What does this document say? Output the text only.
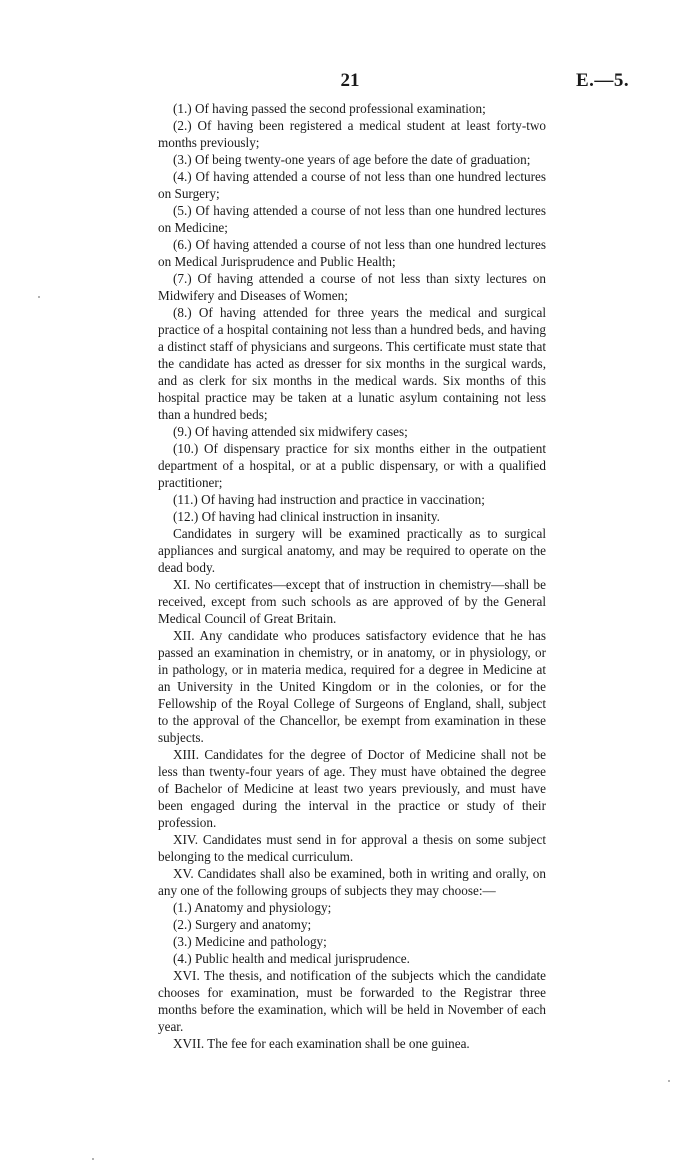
21	E.—5.

(1.) Of having passed the second professional examination;

(2.) Of having been registered a medical student at least forty-two months previously;

(3.) Of being twenty-one years of age before the date of graduation;

(4.) Of having attended a course of not less than one hundred lectures on Surgery;

(5.) Of having attended a course of not less than one hundred lectures on Medicine;

(6.) Of having attended a course of not less than one hundred lectures on Medical Jurisprudence and Public Health;

(7.) Of having attended a course of not less than sixty lectures on Midwifery and Diseases of Women;

(8.) Of having attended for three years the medical and surgical practice of a hospital containing not less than a hundred beds, and having a distinct staff of physicians and surgeons. This certificate must state that the candidate has acted as dresser for six months in the surgical wards, and as clerk for six months in the medical wards. Six months of this hospital practice may be taken at a lunatic asylum containing not less than a hundred beds;

(9.) Of having attended six midwifery cases;

(10.) Of dispensary practice for six months either in the outpatient department of a hospital, or at a public dispensary, or with a qualified practitioner;

(11.) Of having had instruction and practice in vaccination;

(12.) Of having had clinical instruction in insanity.

Candidates in surgery will be examined practically as to surgical appliances and surgical anatomy, and may be required to operate on the dead body.

XI. No certificates—except that of instruction in chemistry—shall be received, except from such schools as are approved of by the General Medical Council of Great Britain.

XII. Any candidate who produces satisfactory evidence that he has passed an examination in chemistry, or in anatomy, or in physiology, or in pathology, or in materia medica, required for a degree in Medicine at an University in the United Kingdom or in the colonies, or for the Fellowship of the Royal College of Surgeons of England, shall, subject to the approval of the Chancellor, be exempt from examination in these subjects.

XIII. Candidates for the degree of Doctor of Medicine shall not be less than twenty-four years of age. They must have obtained the degree of Bachelor of Medicine at least two years previously, and must have been engaged during the interval in the practice or study of their profession.

XIV. Candidates must send in for approval a thesis on some subject belonging to the medical curriculum.

XV. Candidates shall also be examined, both in writing and orally, on any one of the following groups of subjects they may choose:—

(1.) Anatomy and physiology;

(2.) Surgery and anatomy;

(3.) Medicine and pathology;

(4.) Public health and medical jurisprudence.

XVI. The thesis, and notification of the subjects which the candidate chooses for examination, must be forwarded to the Registrar three months before the examination, which will be held in November of each year.

XVII. The fee for each examination shall be one guinea.
